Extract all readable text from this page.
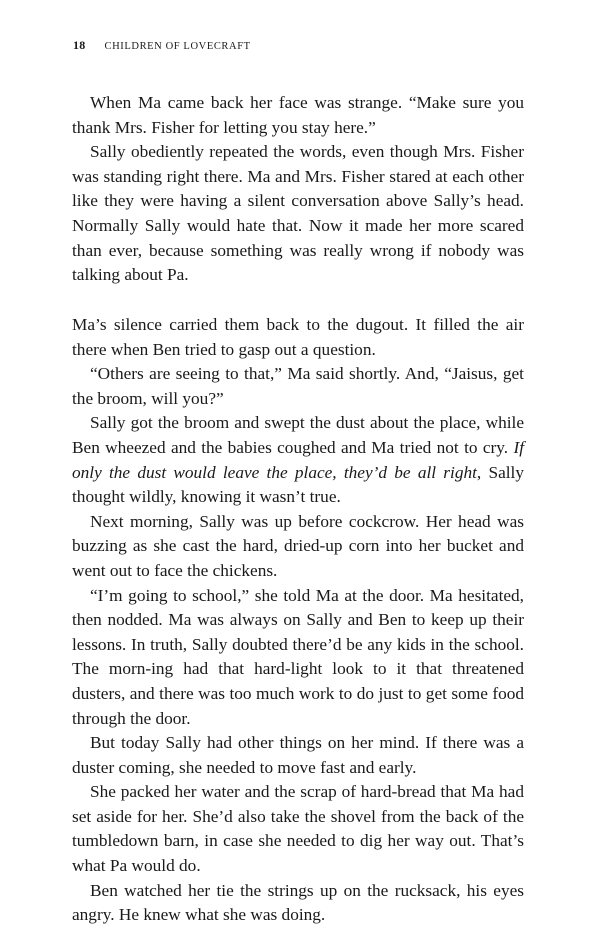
18 CHILDREN OF LOVECRAFT

When Ma came back her face was strange. “Make sure you thank Mrs. Fisher for letting you stay here.”

Sally obediently repeated the words, even though Mrs. Fisher was standing right there. Ma and Mrs. Fisher stared at each other like they were having a silent conversation above Sally’s head. Normally Sally would hate that. Now it made her more scared than ever, because something was really wrong if nobody was talking about Pa.

Ma’s silence carried them back to the dugout. It filled the air there when Ben tried to gasp out a question.

“Others are seeing to that,” Ma said shortly. And, “Jaisus, get the broom, will you?”

Sally got the broom and swept the dust about the place, while Ben wheezed and the babies coughed and Ma tried not to cry. If only the dust would leave the place, they’d be all right, Sally thought wildly, knowing it wasn’t true.

Next morning, Sally was up before cockcrow. Her head was buzzing as she cast the hard, dried-up corn into her bucket and went out to face the chickens.

“I’m going to school,” she told Ma at the door. Ma hesitated, then nodded. Ma was always on Sally and Ben to keep up their lessons. In truth, Sally doubted there’d be any kids in the school. The morn-ing had that hard-light look to it that threatened dusters, and there was too much work to do just to get some food through the door.

But today Sally had other things on her mind. If there was a duster coming, she needed to move fast and early.

She packed her water and the scrap of hard-bread that Ma had set aside for her. She’d also take the shovel from the back of the tumbledown barn, in case she needed to dig her way out. That’s what Pa would do.

Ben watched her tie the strings up on the rucksack, his eyes angry. He knew what she was doing.
